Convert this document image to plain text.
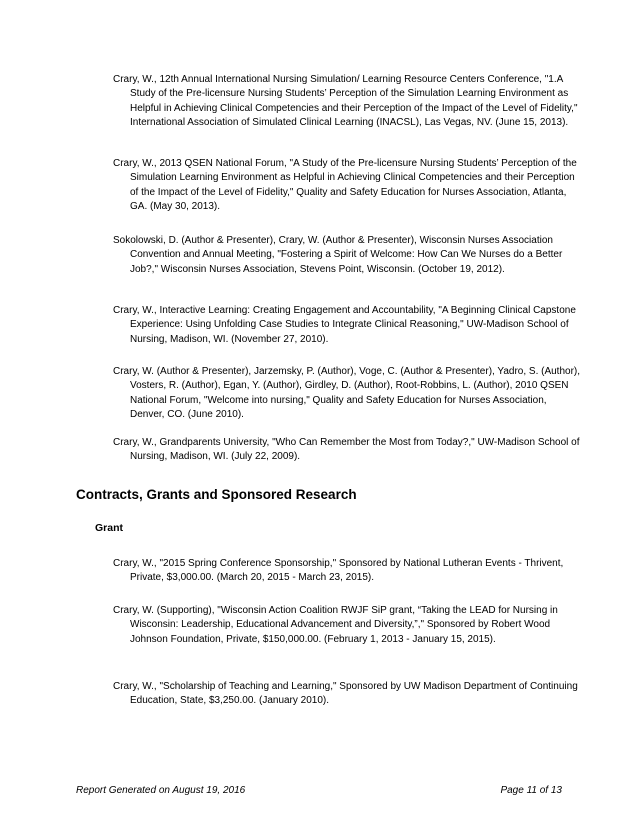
Crary, W., 12th Annual International Nursing Simulation/ Learning Resource Centers Conference, "1.A Study of the Pre-licensure Nursing Students’ Perception of the Simulation Learning Environment as Helpful in Achieving Clinical Competencies and their Perception of the Impact of the Level of Fidelity," International Association of Simulated Clinical Learning (INACSL), Las Vegas, NV. (June 15, 2013).
Crary, W., 2013 QSEN National Forum, "A Study of the Pre-licensure Nursing Students’ Perception of the Simulation Learning Environment as Helpful in Achieving Clinical Competencies and their Perception of the Impact of the Level of Fidelity," Quality and Safety Education for Nurses Association, Atlanta, GA. (May 30, 2013).
Sokolowski, D. (Author & Presenter), Crary, W. (Author & Presenter), Wisconsin Nurses Association Convention and Annual Meeting, "Fostering a Spirit of Welcome: How Can We Nurses do a Better Job?," Wisconsin Nurses Association, Stevens Point, Wisconsin. (October 19, 2012).
Crary, W., Interactive Learning: Creating Engagement and Accountability, "A Beginning Clinical Capstone Experience: Using Unfolding Case Studies to Integrate Clinical Reasoning," UW-Madison School of Nursing, Madison, WI. (November 27, 2010).
Crary, W. (Author & Presenter), Jarzemsky, P. (Author), Voge, C. (Author & Presenter), Yadro, S. (Author), Vosters, R. (Author), Egan, Y. (Author), Girdley, D. (Author), Root-Robbins, L. (Author), 2010 QSEN National Forum, "Welcome into nursing," Quality and Safety Education for Nurses Association, Denver, CO. (June 2010).
Crary, W., Grandparents University, "Who Can Remember the Most from Today?," UW-Madison School of Nursing, Madison, WI. (July 22, 2009).
Contracts, Grants and Sponsored Research
Grant
Crary, W., "2015 Spring Conference Sponsorship," Sponsored by National Lutheran Events - Thrivent, Private, $3,000.00. (March 20, 2015 - March 23, 2015).
Crary, W. (Supporting), "Wisconsin Action Coalition RWJF SiP grant, “Taking the LEAD for Nursing in Wisconsin: Leadership, Educational Advancement and Diversity,”," Sponsored by Robert Wood Johnson Foundation, Private, $150,000.00. (February 1, 2013 - January 15, 2015).
Crary, W., "Scholarship of Teaching and Learning," Sponsored by UW Madison Department of Continuing Education, State, $3,250.00. (January 2010).
Report Generated on August 19, 2016	Page 11 of 13
